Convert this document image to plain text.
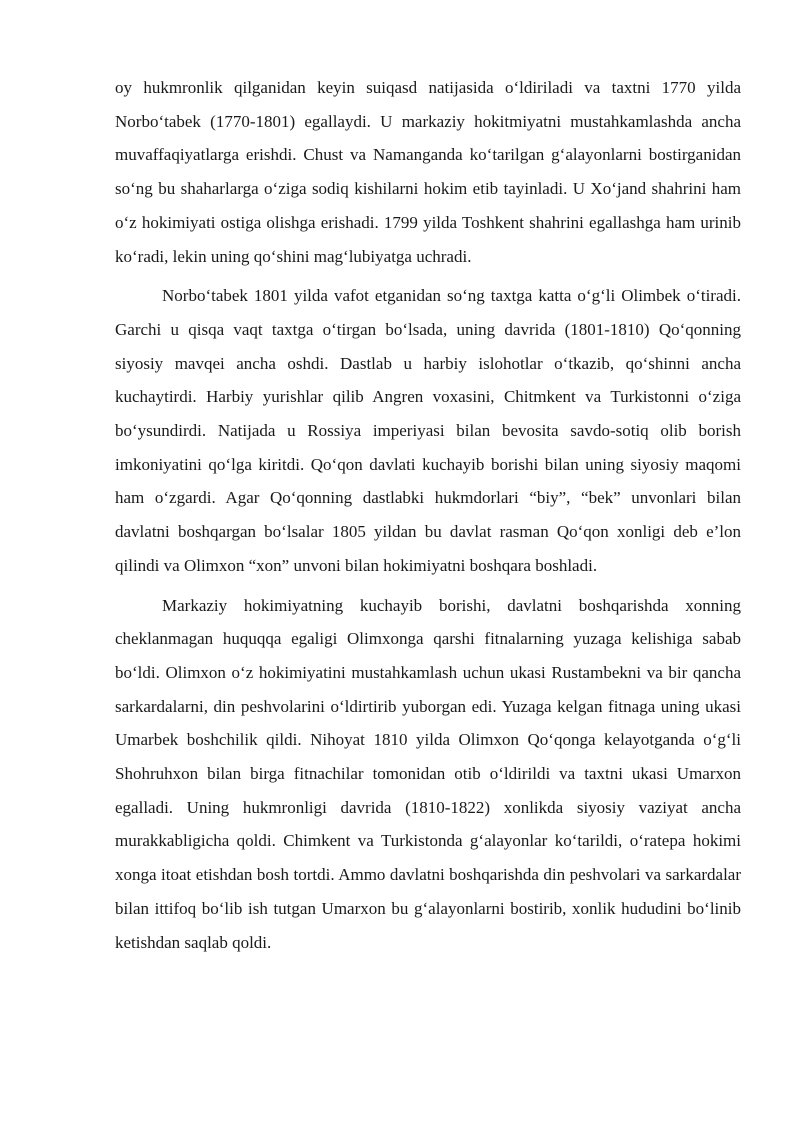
oy hukmronlik qilganidan keyin suiqasd natijasida o‘ldiriladi va taxtni 1770 yilda Norbo‘tabek (1770-1801) egallaydi. U markaziy hokitmiyatni mustahkamlashda ancha muvaffaqiyatlarga erishdi. Chust va Namanganda ko‘tarilgan g‘alayonlarni bostirganidan so‘ng bu shaharlarga o‘ziga sodiq kishilarni hokim etib tayinladi. U Xo‘jand shahrini ham o‘z hokimiyati ostiga olishga erishadi. 1799 yilda Toshkent shahrini egallashga ham urinib ko‘radi, lekin uning qo‘shini mag‘lubiyatga uchradi.

Norbo‘tabek 1801 yilda vafot etganidan so‘ng taxtga katta o‘g‘li Olimbek o‘tiradi. Garchi u qisqa vaqt taxtga o‘tirgan bo‘lsada, uning davrida (1801-1810) Qo‘qonning siyosiy mavqei ancha oshdi. Dastlab u harbiy islohotlar o‘tkazib, qo‘shinni ancha kuchaytirdi. Harbiy yurishlar qilib Angren voxasini, Chitmkent va Turkistonni o‘ziga bo‘ysundirdi. Natijada u Rossiya imperiyasi bilan bevosita savdo-sotiq olib borish imkoniyatini qo‘lga kiritdi. Qo‘qon davlati kuchayib borishi bilan uning siyosiy maqomi ham o‘zgardi. Agar Qo‘qonning dastlabki hukmdorlari “biy”, “bek” unvonlari bilan davlatni boshqargan bo‘lsalar 1805 yildan bu davlat rasman Qo‘qon xonligi deb e’lon qilindi va Olimxon “xon” unvoni bilan hokimiyatni boshqara boshladi.

Markaziy hokimiyatning kuchayib borishi, davlatni boshqarishda xonning cheklanmagan huquqqa egaligi Olimxonga qarshi fitnalarning yuzaga kelishiga sabab bo‘ldi. Olimxon o‘z hokimiyatini mustahkamlash uchun ukasi Rustambekni va bir qancha sarkardalarni, din peshvolarini o‘ldirtirib yuborgan edi. Yuzaga kelgan fitnaga uning ukasi Umarbek boshchilik qildi. Nihoyat 1810 yilda Olimxon Qo‘qonga kelayotganda o‘g‘li Shohruhxon bilan birga fitnachilar tomonidan otib o‘ldirildi va taxtni ukasi Umarxon egalladi. Uning hukmronligi davrida (1810-1822) xonlikda siyosiy vaziyat ancha murakkabligicha qoldi. Chimkent va Turkistonda g‘alayonlar ko‘tarildi, o‘ratepa hokimi xonga itoat etishdan bosh tortdi. Ammo davlatni boshqarishda din peshvolari va sarkardalar bilan ittifoq bo‘lib ish tutgan Umarxon bu g‘alayonlarni bostirib, xonlik hududini bo‘linib ketishdan saqlab qoldi.
